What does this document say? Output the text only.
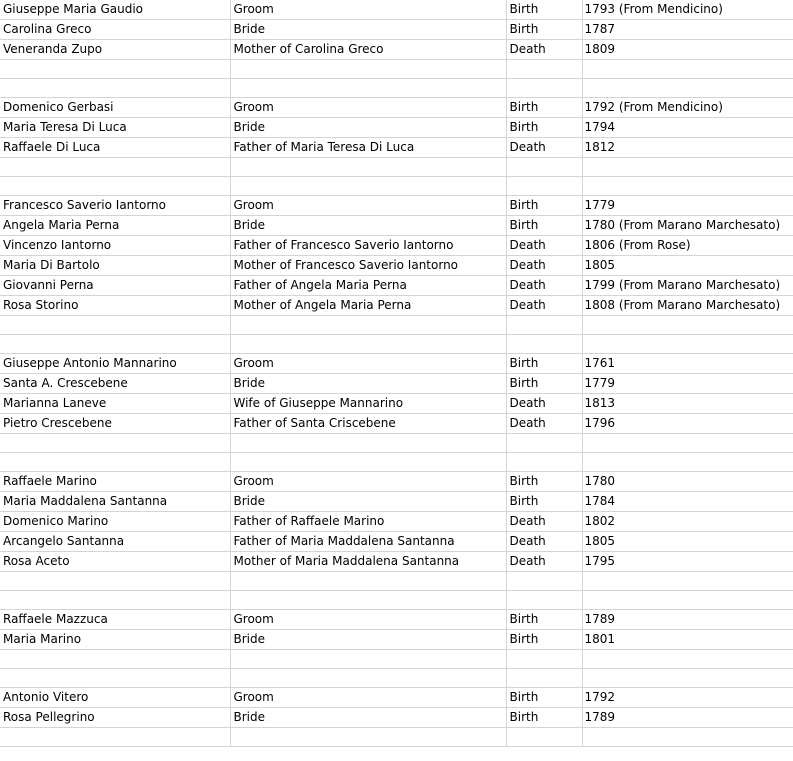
Giuseppe Maria Gaudio	Groom	Birth	1793 (From Mendicino)
Carolina Greco	Bride	Birth	1787
Veneranda Zupo	Mother of Carolina Greco	Death	1809

Domenico Gerbasi	Groom	Birth	1792 (From Mendicino)
Maria Teresa Di Luca	Bride	Birth	1794
Raffaele Di Luca	Father of Maria Teresa Di Luca	Death	1812

Francesco Saverio Iantorno	Groom	Birth	1779
Angela Maria Perna	Bride	Birth	1780 (From Marano Marchesato)
Vincenzo Iantorno	Father of Francesco Saverio Iantorno	Death	1806 (From Rose)
Maria Di Bartolo	Mother of Francesco Saverio Iantorno	Death	1805
Giovanni Perna	Father of Angela Maria Perna	Death	1799 (From Marano Marchesato)
Rosa Storino	Mother of Angela Maria Perna	Death	1808 (From Marano Marchesato)

Giuseppe Antonio Mannarino	Groom	Birth	1761
Santa A. Crescebene	Bride	Birth	1779
Marianna Laneve	Wife of Giuseppe Mannarino	Death	1813
Pietro Crescebene	Father of Santa Criscebene	Death	1796

Raffaele Marino	Groom	Birth	1780
Maria Maddalena Santanna	Bride	Birth	1784
Domenico Marino	Father of Raffaele Marino	Death	1802
Arcangelo Santanna	Father of Maria Maddalena Santanna	Death	1805
Rosa Aceto	Mother of Maria Maddalena Santanna	Death	1795

Raffaele Mazzuca	Groom	Birth	1789
Maria Marino	Bride	Birth	1801

Antonio Vitero	Groom	Birth	1792
Rosa Pellegrino	Bride	Birth	1789
